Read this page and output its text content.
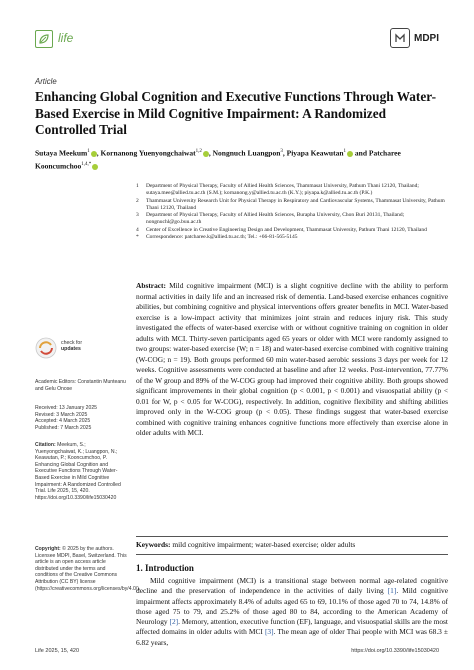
life	MDPI
Article
Enhancing Global Cognition and Executive Functions Through Water-Based Exercise in Mild Cognitive Impairment: A Randomized Controlled Trial
Sutaya Meekum$^1$ , Kornanong Yuenyongchaiwat$^{1,2}$ , Nongnuch Luangpon$^3$, Piyapa Keawutan$^1$ and Patcharee Kooncumchoo$^{1,4,*}$
1	Department of Physical Therapy, Faculty of Allied Health Sciences, Thammasat University, Pathum Thani 12120, Thailand; sutaya.mee@allied.tu.ac.th (S.M.); kornanong.y@allied.tu.ac.th (K.Y.); piyapa.k@allied.tu.ac.th (P.K.)
2	Thammasat University Research Unit for Physical Therapy in Respiratory and Cardiovascular Systems, Thammasat University, Pathum Thani 12120, Thailand
3	Department of Physical Therapy, Faculty of Allied Health Sciences, Burapha University, Chon Buri 20131, Thailand; nongnuchl@go.buu.ac.th
4	Center of Excellence in Creative Engineering Design and Development, Thammasat University, Pathum Thani 12120, Thailand
*	Correspondence: patcharee.k@allied.tu.ac.th; Tel.: +66-81-565-5145
check for
updates
Academic Editors: Constantin Munteanu and Gelu Onose
Received: 13 January 2025
Revised: 3 March 2025
Accepted: 4 March 2025
Published: 7 March 2025
Citation: Meekum, S.; Yuenyongchaiwat, K.; Luangpon, N.; Keawutan, P.; Kooncumchoo, P. Enhancing Global Cognition and Executive Functions Through Water-Based Exercise in Mild Cognitive Impairment: A Randomized Controlled Trial. Life 2025, 15, 420. https://doi.org/10.3390/life15030420
Copyright: © 2025 by the authors. Licensee MDPI, Basel, Switzerland. This article is an open access article distributed under the terms and conditions of the Creative Commons Attribution (CC BY) license (https://creativecommons.org/licenses/by/4.0/).
Abstract: Mild cognitive impairment (MCI) is a slight cognitive decline with the ability to perform normal activities in daily life and an increased risk of dementia. Land-based exercise enhances cognitive abilities, but combining cognitive and physical interventions offers greater benefits in MCI. Water-based exercise is a low-impact activity that minimizes joint strain and reduces injury risk. This study investigated the effects of water-based exercise with or without cognitive training on cognition in older adults with MCI. Thirty-seven participants aged 65 years or older with MCI were randomly assigned to two groups: water-based exercise (W; n = 18) and water-based exercise combined with cognitive training (W-COG; n = 19). Both groups performed 60 min water-based aerobic sessions 3 days per week for 12 weeks. Cognitive assessments were conducted at baseline and after 12 weeks. Post-intervention, 77.77% of the W group and 89% of the W-COG group had improved their cognitive ability. Both groups showed significant improvements in their global cognition (p < 0.001, p < 0.001) and visuospatial ability (p < 0.01 for W, p < 0.05 for W-COG), respectively. In addition, cognitive flexibility and shifting abilities improved only in the W-COG group (p < 0.05). These findings suggest that water-based exercise combined with cognitive training enhances cognitive functions more effectively than exercise alone in older adults with MCI.
Keywords: mild cognitive impairment; water-based exercise; older adults
1. Introduction
Mild cognitive impairment (MCI) is a transitional stage between normal age-related cognitive decline and the preservation of independence in the activities of daily living [1]. Mild cognitive impairment affects approximately 8.4% of adults aged 65 to 69, 10.1% of those aged 70 to 74, 14.8% of those aged 75 to 79, and 25.2% of those aged 80 to 84, according to the American Academy of Neurology [2]. Memory, attention, executive function (EF), language, and visuospatial skills are the most affected domains in older adults with MCI [3]. The mean age of older Thai people with MCI was 68.3 ± 6.82 years,
Life 2025, 15, 420	https://doi.org/10.3390/life15030420
